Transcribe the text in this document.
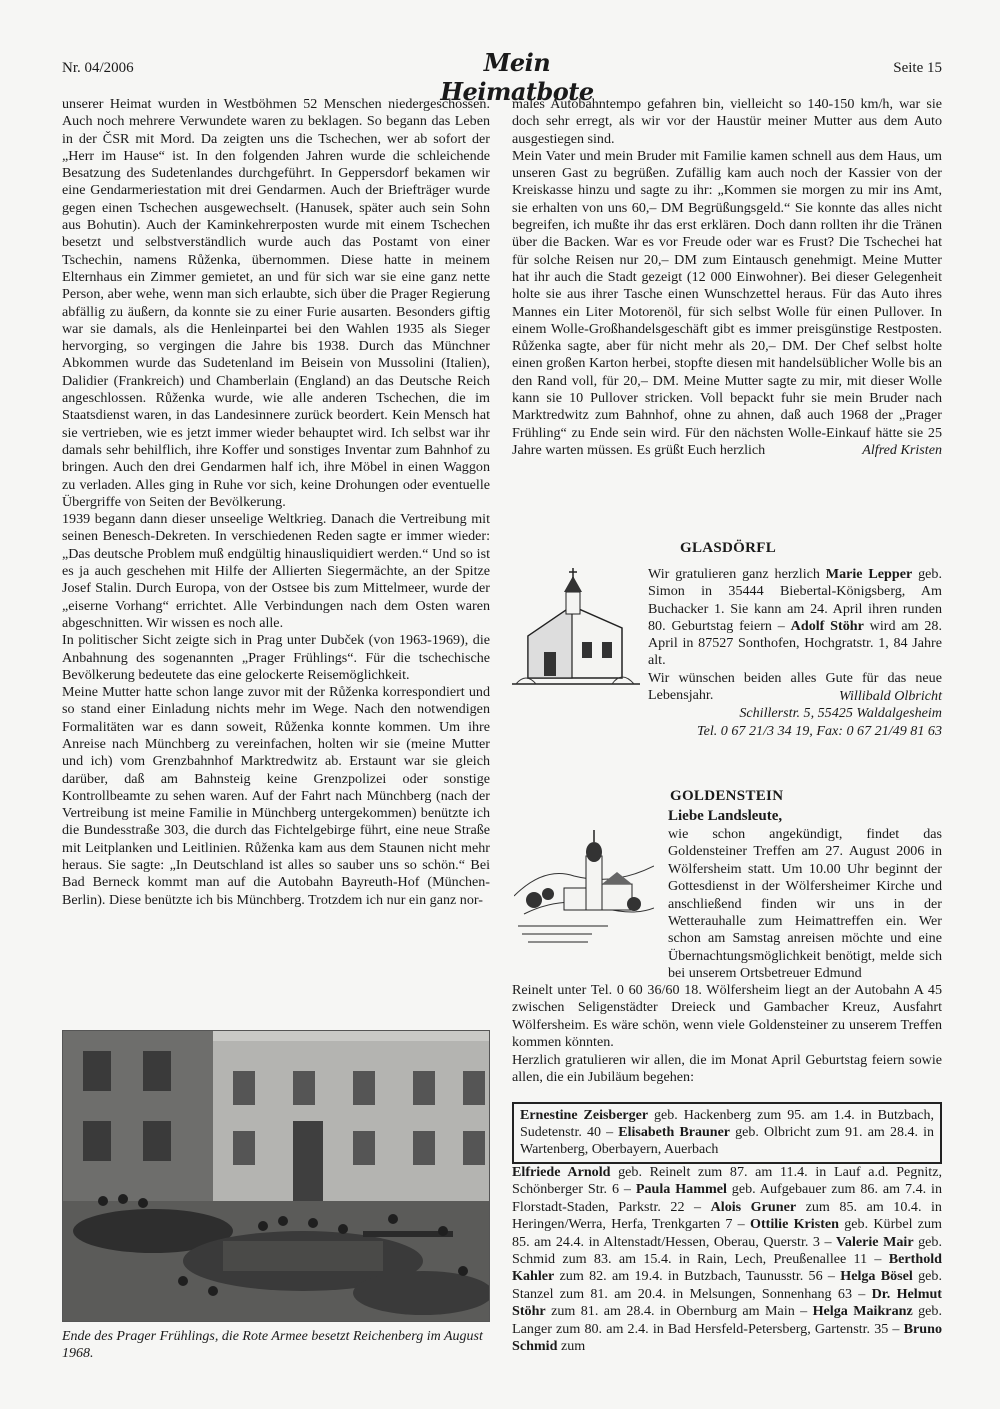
Nr. 04/2006	Mein Heimatbote
Seite 15

unserer Heimat wurden in Westböhmen 52 Menschen niedergeschossen. Auch noch mehrere Verwundete waren zu beklagen. So begann das Leben in der ČSR mit Mord. Da zeigten uns die Tschechen, wer ab sofort der „Herr im Hause“ ist. In den folgenden Jahren wurde die schleichende Besatzung des Sudetenlandes durchgeführt. In Geppersdorf bekamen wir eine Gendarmeriestation mit drei Gendarmen. Auch der Briefträger wurde gegen einen Tschechen ausgewechselt. (Hanusek, später auch sein Sohn aus Bohutin). Auch der Kaminkehrerposten wurde mit einem Tschechen besetzt und selbstverständlich wurde auch das Postamt von einer Tschechin, namens Růženka, übernommen. Diese hatte in meinem Elternhaus ein Zimmer gemietet, an und für sich war sie eine ganz nette Person, aber wehe, wenn man sich erlaubte, sich über die Prager Regierung abfällig zu äußern, da konnte sie zu einer Furie ausarten. Besonders giftig war sie damals, als die Henleinpartei bei den Wahlen 1935 als Sieger hervorging, so vergingen die Jahre bis 1938. Durch das Münchner Abkommen wurde das Sudetenland im Beisein von Mussolini (Italien), Dalidier (Frankreich) und Chamberlain (England) an das Deutsche Reich angeschlossen. Růženka wurde, wie alle anderen Tschechen, die im Staatsdienst waren, in das Landesinnere zurück beordert. Kein Mensch hat sie vertrieben, wie es jetzt immer wieder behauptet wird. Ich selbst war ihr damals sehr behilflich, ihre Koffer und sonstiges Inventar zum Bahnhof zu bringen. Auch den drei Gendarmen half ich, ihre Möbel in einen Waggon zu verladen. Alles ging in Ruhe vor sich, keine Drohungen oder eventuelle Übergriffe von Seiten der Bevölkerung.

1939 begann dann dieser unseelige Weltkrieg. Danach die Vertreibung mit seinen Benesch-Dekreten. In verschiedenen Reden sagte er immer wieder: „Das deutsche Problem muß endgültig hinausliquidiert werden.“ Und so ist es ja auch geschehen mit Hilfe der Allierten Siegermächte, an der Spitze Josef Stalin. Durch Europa, von der Ostsee bis zum Mittelmeer, wurde der „eiserne Vorhang“ errichtet. Alle Verbindungen nach dem Osten waren abgeschnitten. Wir wissen es noch alle.

In politischer Sicht zeigte sich in Prag unter Dubček (von 1963-1969), die Anbahnung des sogenannten „Prager Frühlings“. Für die tschechische Bevölkerung bedeutete das eine gelockerte Reisemöglichkeit.

Meine Mutter hatte schon lange zuvor mit der Růženka korrespondiert und so stand einer Einladung nichts mehr im Wege. Nach den notwendigen Formalitäten war es dann soweit, Růženka konnte kommen. Um ihre Anreise nach Münchberg zu vereinfachen, holten wir sie (meine Mutter und ich) vom Grenzbahnhof Marktredwitz ab. Erstaunt war sie gleich darüber, daß am Bahnsteig keine Grenzpolizei oder sonstige Kontrollbeamte zu sehen waren. Auf der Fahrt nach Münchberg (nach der Vertreibung ist meine Familie in Münchberg untergekommen) benützte ich die Bundesstraße 303, die durch das Fichtelgebirge führt, eine neue Straße mit Leitplanken und Leitlinien. Růženka kam aus dem Staunen nicht mehr heraus. Sie sagte: „In Deutschland ist alles so sauber uns so schön.“ Bei Bad Berneck kommt man auf die Autobahn Bayreuth-Hof (München-Berlin). Diese benützte ich bis Münchberg. Trotzdem ich nur ein ganz nor-

Ende des Prager Frühlings, die Rote Armee besetzt Reichenberg im August 1968.

males Autobahntempo gefahren bin, vielleicht so 140-150 km/h, war sie doch sehr erregt, als wir vor der Haustür meiner Mutter aus dem Auto ausgestiegen sind.

Mein Vater und mein Bruder mit Familie kamen schnell aus dem Haus, um unseren Gast zu begrüßen. Zufällig kam auch noch der Kassier von der Kreiskasse hinzu und sagte zu ihr: „Kommen sie morgen zu mir ins Amt, sie erhalten von uns 60,– DM Begrüßungsgeld.“ Sie konnte das alles nicht begreifen, ich mußte ihr das erst erklären. Doch dann rollten ihr die Tränen über die Backen. War es vor Freude oder war es Frust? Die Tschechei hat für solche Reisen nur 20,– DM zum Eintausch genehmigt. Meine Mutter hat ihr auch die Stadt gezeigt (12 000 Einwohner). Bei dieser Gelegenheit holte sie aus ihrer Tasche einen Wunschzettel heraus. Für das Auto ihres Mannes ein Liter Motorenöl, für sich selbst Wolle für einen Pullover. In einem Wolle-Großhandelsgeschäft gibt es immer preisgünstige Restposten. Růženka sagte, aber für nicht mehr als 20,– DM. Der Chef selbst holte einen großen Karton herbei, stopfte diesen mit handelsüblicher Wolle bis an den Rand voll, für 20,– DM. Meine Mutter sagte zu mir, mit dieser Wolle kann sie 10 Pullover stricken. Voll bepackt fuhr sie mein Bruder nach Marktredwitz zum Bahnhof, ohne zu ahnen, daß auch 1968 der „Prager Frühling“ zu Ende sein wird. Für den nächsten Wolle-Einkauf hätte sie 25 Jahre warten müssen. Es grüßt Euch herzlich	Alfred Kristen

GLASDÖRFL
Wir gratulieren ganz herzlich Marie Lepper geb. Simon in 35444 Biebertal-Königsberg, Am Buchacker 1. Sie kann am 24. April ihren runden 80. Geburtstag feiern – Adolf Stöhr wird am 28. April in 87527 Sonthofen, Hochgratstr. 1, 84 Jahre alt.
Wir wünschen beiden alles Gute für das neue Lebensjahr.	Willibald Olbricht
Schillerstr. 5, 55425 Waldalgesheim
Tel. 0 67 21/3 34 19, Fax: 0 67 21/49 81 63
GOLDENSTEIN
Liebe Landsleute,
wie schon angekündigt, findet das Goldensteiner Treffen am 27. August 2006 in Wölfersheim statt. Um 10.00 Uhr beginnt der Gottesdienst in der Wölfersheimer Kirche und anschließend finden wir uns in der Wetterauhalle zum Heimattreffen ein. Wer schon am Samstag anreisen möchte und eine Übernachtungsmöglichkeit benötigt, melde sich bei unserem Ortsbetreuer Edmund
Reinelt unter Tel. 0 60 36/60 18. Wölfersheim liegt an der Autobahn A 45 zwischen Seligenstädter Dreieck und Gambacher Kreuz, Ausfahrt Wölfersheim. Es wäre schön, wenn viele Goldensteiner zu unserem Treffen kommen könnten.
Herzlich gratulieren wir allen, die im Monat April Geburtstag feiern sowie allen, die ein Jubiläum begehen:
Ernestine Zeisberger geb. Hackenberg zum 95. am 1.4. in Butzbach, Sudetenstr. 40 – Elisabeth Brauner geb. Olbricht zum 91. am 28.4. in Wartenberg, Oberbayern, Auerbach
Elfriede Arnold geb. Reinelt zum 87. am 11.4. in Lauf a.d. Pegnitz, Schönberger Str. 6 – Paula Hammel geb. Aufgebauer zum 86. am 7.4. in Florstadt-Staden, Parkstr. 22 – Alois Gruner zum 85. am 10.4. in Heringen/Werra, Herfa, Trenkgarten 7 – Ottilie Kristen geb. Kürbel zum 85. am 24.4. in Altenstadt/Hessen, Oberau, Querstr. 3 – Valerie Mair geb. Schmid zum 83. am 15.4. in Rain, Lech, Preußenallee 11 – Berthold Kahler zum 82. am 19.4. in Butzbach, Taunusstr. 56 – Helga Bösel geb. Stanzel zum 81. am 20.4. in Melsungen, Sonnenhang 63 – Dr. Helmut Stöhr zum 81. am 28.4. in Obernburg am Main – Helga Maikranz geb. Langer zum 80. am 2.4. in Bad Hersfeld-Petersberg, Gartenstr. 35 – Bruno Schmid zum
